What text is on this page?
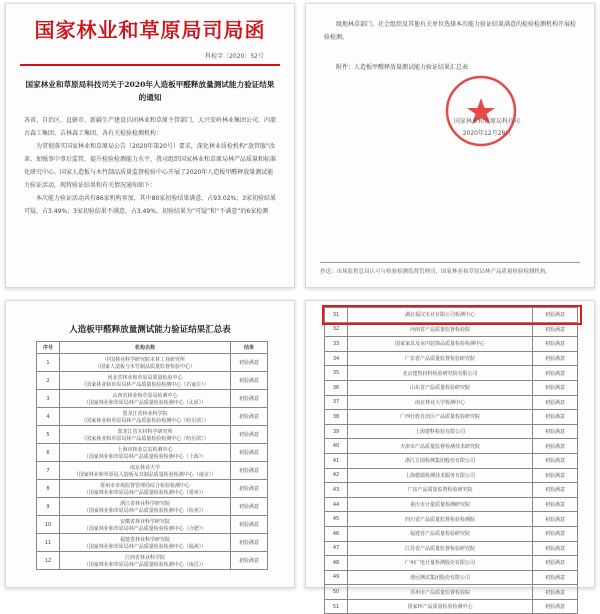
国家林业和草原局司局函
科检字〔2020〕52号
国家林业和草原局科技司关于2020年人造板甲醛释放量测试能力验证结果的通知

各省、自治区、直辖市、新疆生产建设兵团林业和草原主管部门，大兴安岭林业集团公司，内蒙古森工集团、吉林森工集团、各有关检验检测机构：

为贯彻落实国家林业和草原局公告（2020年第20号）要求，深化林业质检机构“放管服”改革，加强事中事后监管，提升检验检测能力水平，我司组织国家林业和草原局林产品质量和标准化研究中心、国家人造板与木竹制品质量监督检验中心开展了2020年人造板甲醛释放量测试能力验证活动，现将验证结果和有关情况通知如下：

本次能力验证活动共有86家机构参加，其中80家初验结果满意，占93.02%；3家初验结果可疑，占3.49%；3家初验结果不满意，占3.49%。初验结果为“可疑”和“不满意”的6家检测

级地林草部门、社会组织及其他有关单位选择本次能力验证结果满意的检验检测机构开展检验检测。

附件：人造板甲醛释放量测试能力验证结果汇总表
国家林业和草原局科技司
2020年12月28日
抄送：市场监督总局认可与检验检测监督管理司，国家林业和草原局林产品质量检验检测机构。
人造板甲醛释放量测试能力验证结果汇总表
序号	机构名称	结果
1	中国林业科学研究院木材工业研究所
（国家人造板与木竹制品质量监督检验中心）	初验满意
2	河北省林业和草原局质量检验中心
（国家林业和草原局林产品质量检验检测中心（石家庄））	初验满意
3	山西省林业和草原局检测中心
（国家林业和草原局林产品质量检验检测中心（太原））	初验满意
4	黑龙江省林业科学院
（国家林业和草原局林产品质量检验检测中心（哈尔滨））	初验满意
5	黑龙江省木材科学研究所
（国家林业和草原局林产品质量检验检测中心（哈尔滨））	初验满意
6	上海市林业总站检测中心
（国家林业和草原局林产品质量检验检测中心（上海））	初验满意
7	南京林业大学
（国家林业和草原局人造板及其制品质量检验检测中心（南京））	初验满意
8	常州市市场监督管理局综合检验检测中心
（国家林业和草原局林产品质量检验检测中心（常州））	初验满意
9	浙江省林业科学研究院
（国家林业和草原局林产品质量检验检测中心（杭州））	初验满意
10	安徽省林业科学研究院
（国家林业和草原局林产品质量检验检测中心（合肥））	初验满意
11	福建省林业科学研究院
（国家林业和草原局林产品质量检验检测中心（福州））	初验满意
12	江西省林业科学院
（国家林业和草原局林产品质量检验检测中心（南昌））	初验满意
31	湖北福汉木业有限公司检测中心	初验满意
32	河南省产品质量监督检验院	初验满意
33	国家家具及室内装饰品质量检验检测中心	初验满意
34	广东省产品质量监督检验研究院	初验满意
35	北京建筑材料检验研究院有限公司	初验满意
36	山东省产品质量检验研究院	初验满意
37	南京林业大学检测中心	初验满意
38	广西壮族自治区产品质量检验研究院	初验满意
39	上海建科检验有限公司	初验满意
40	天津市产品质量监督检测技术研究院	初验满意
41	浙江方圆检测集团股份有限公司	初验满意
42	上海德瑞检测技术服务有限公司	初验满意
43	广东产品质量监督检验研究院	初验满意
44	重庆市计量质量检测研究院	初验满意
45	四川省产品质量监督检验检测院	初验满意
46	福建省产品质量检验研究院	初验满意
47	江苏省产品质量监督检验研究院	初验满意
48	广州广电计量检测股份有限公司	初验满意
49	谱尼测试集团股份有限公司	初验满意
50	苏州市产品质量监督检验院	初验满意
51	国家林产品质量检验检测中心	初验满意
